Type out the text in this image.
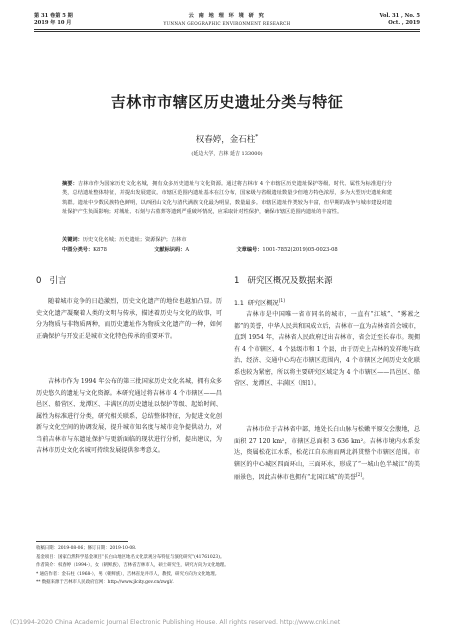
第 31 卷第 5 期
2019 年 10 月
云 南 地 理 环 境 研 究
YUNNAN GEOGRAPHIC ENVIRONMENT RESEARCH
Vol. 31 , No. 5
Oct. , 2019
吉林市市辖区历史遗址分类与特征
权春婷，金石柱*
(延边大学，吉林 延吉 133000)
摘要：吉林市作为国家历史文化名城，拥有众多历史遗址与文化资源。通过将吉林市 4 个市辖区历史遗址保护等级、时代、属性为标准进行分类，总结遗址整体特征，并提出发展建议。市辖区范围内遗址基本在江分布，国家级与省级遗址数量少但地方特色浓厚，多为大型历史遗址和建筑群。遗址中少数民族特色鲜明，以西团山文化与清代满族文化最为明显，数量最多。市辖区遗址作类较为丰富，但早期的战争与城市建设对遗址保护产生负面影响；对城址、石刻与古墓葬等遗到严重破坏情况，应采取针对性保护，确保市辖区范围内遗址的丰富性。
关键词：历史文化名城；历史遗址；资源保护；吉林市
中图分类号：K878	文献标识码：A	文章编号：1001-7852(2019)05-0023-08
0 引言
随着城市竞争的日趋激烈，历史文化遗产的地位也越加凸显。历史文化遗产凝聚着人类的文明与传承，描述着历史与文化的故事，可分为物质与非物质两种，而历史遗址作为物质文化遗产的一种，如何正确保护与开发正是城市文化特色传承的重要环节。
吉林市作为 1994 年公布的第三批国家历史文化名城，拥有众多历史悠久的遗址与文化资源。本研究通过将吉林市 4 个市辖区——昌邑区、船营区、龙潭区、丰满区的历史遗址以保护等级、起始时间、属性为标准进行分类，研究相关联系，总结整体特征，为促进文化创新与文化空间的协调发展，提升城市知名度与城市竞争提供动力，对当前吉林市与东遗址保护与更新面临的现状进行分析，提出建议，为吉林市历史文化名城可持续发展提供参考意义。
1 研究区概况及数据来源
1.1 研究区概况[1]
吉林市是中国唯一省市同名的城市，一直有“江城”、“雾凇之都”的美誉，中华人民共和国成立后，吉林市一直为吉林省首会城市，直到 1954 年，吉林省人民政府迁出吉林市，省会迁至长春市。现拥有 4 个市辖区、4 个县级市和 1 个县，由于历史上吉林的发祥地与政治、经济、交通中心均在市辖区范围内，4 个市辖区之间历史文化联系也较为紧密，所以将主要研究区域定为 4 个市辖区——昌邑区、船营区、龙潭区、丰满区（图1）。
吉林市位于吉林省中部，地处长白山脉与松嫩平原交会腹地，总面积 27 120 km²，市辖区总面积 3 636 km²。吉林市境内水系发达，资属松花江水系，松花江自东南而两北斜贯整个市辖区范围。市辖区的中心城区四面环山，三面环水，形成了“一城山色半城江”的美丽景色，因此吉林市也拥有“北国江城”的美誉[2]。
收稿日期：2019-08-06；修订日期：2019-10-08.
基金项目：国家自然科学基金项目“长白山地区地名文化景观分布特征与演化研究”(41761023)。
作者简介：权春婷（1994-），女（朝鲜族），吉林省吉林市人，硕士研究生，研究方向为文化地理。
* 通信作者：金石柱（1968-），男（朝鲜族），吉林省龙井市人，教授，研究方向为文化地理。
** 数据来源于吉林市人民政府官网：http://www.jlcity.gov.cn/zwgl/.
(C)1994-2020 China Academic Journal Electronic Publishing House. All rights reserved. http://www.cnki.net
